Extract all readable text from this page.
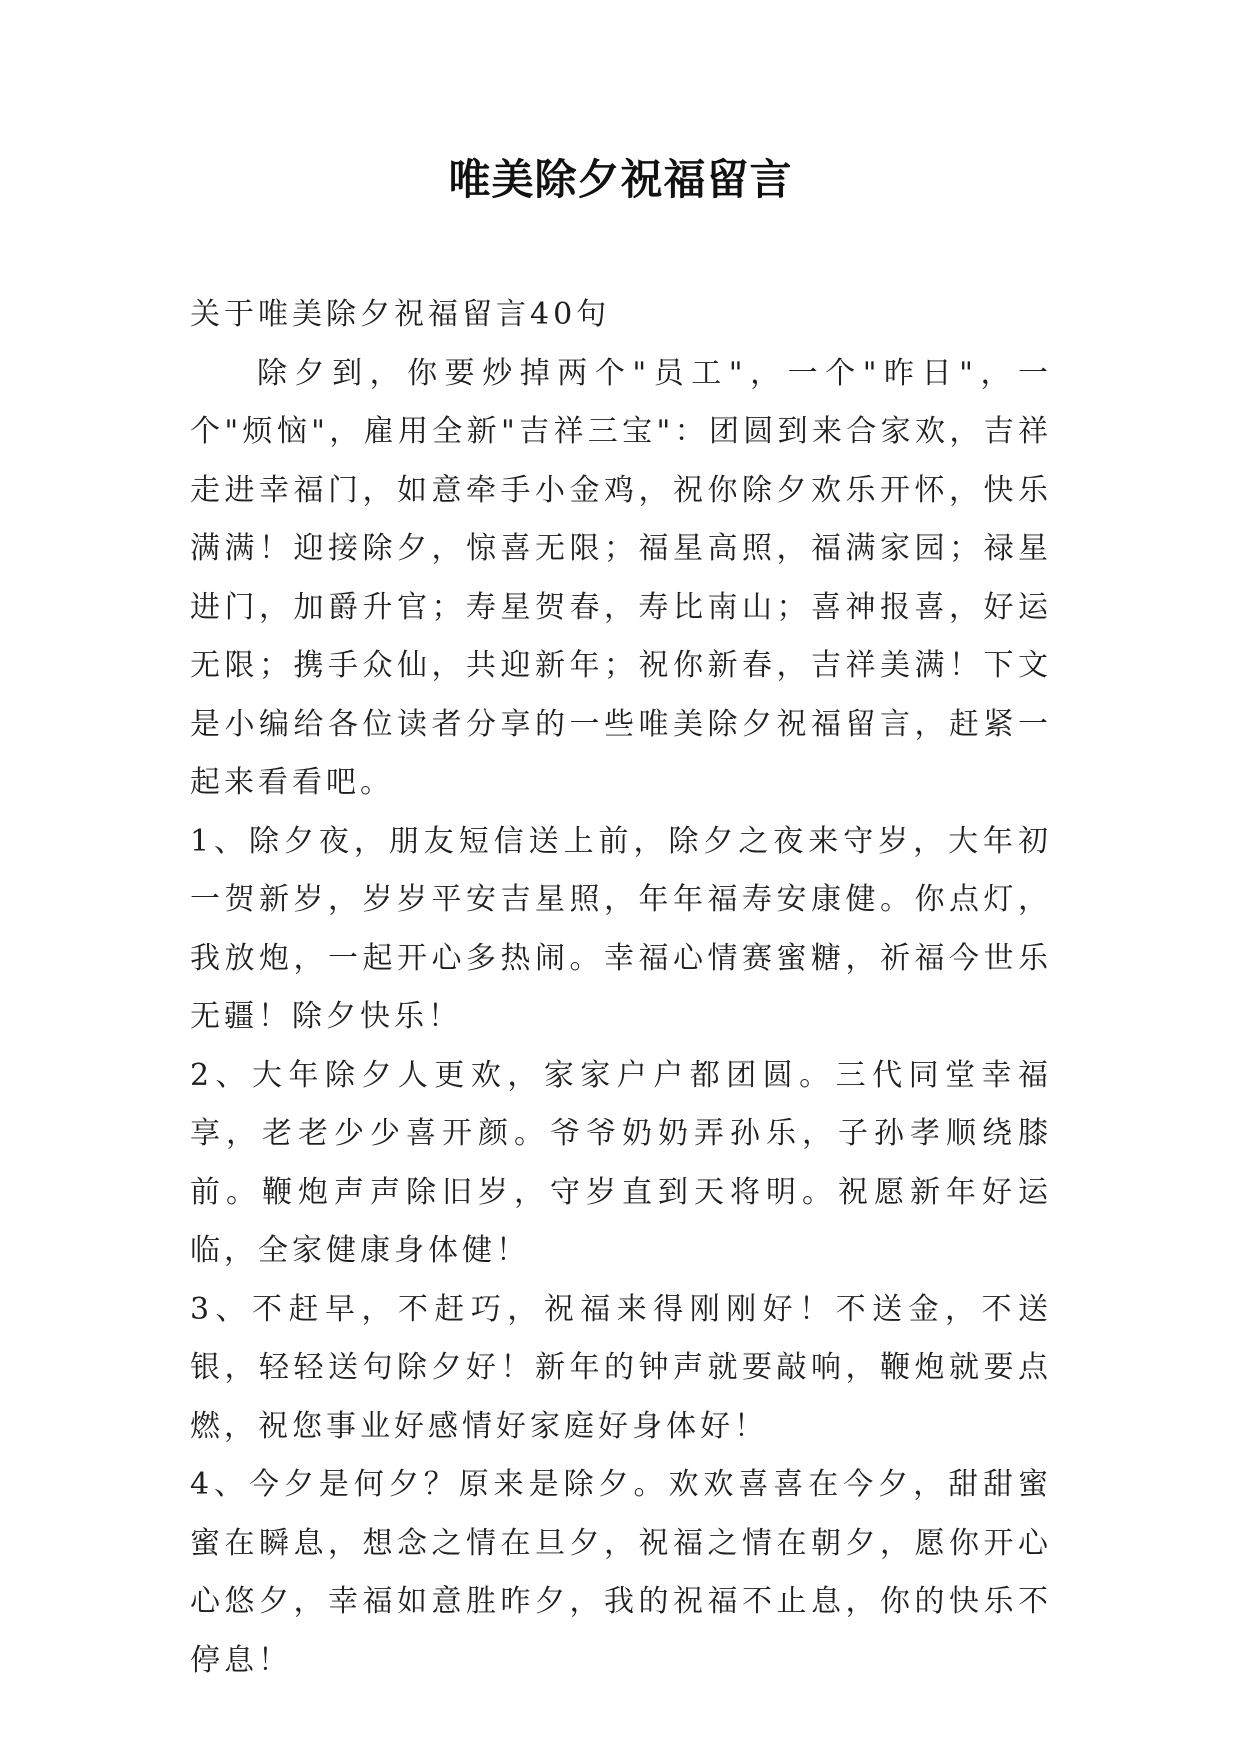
唯美除夕祝福留言

关于唯美除夕祝福留言40句

除夕到，你要炒掉两个"员工"，一个"昨日"，一个"烦恼"，雇用全新"吉祥三宝"：团圆到来合家欢，吉祥走进幸福门，如意牵手小金鸡，祝你除夕欢乐开怀，快乐满满！迎接除夕，惊喜无限；福星高照，福满家园；禄星进门，加爵升官；寿星贺春，寿比南山；喜神报喜，好运无限；携手众仙，共迎新年；祝你新春，吉祥美满！下文是小编给各位读者分享的一些唯美除夕祝福留言，赶紧一起来看看吧。

1、除夕夜，朋友短信送上前，除夕之夜来守岁，大年初一贺新岁，岁岁平安吉星照，年年福寿安康健。你点灯，我放炮，一起开心多热闹。幸福心情赛蜜糖，祈福今世乐无疆！除夕快乐！

2、大年除夕人更欢，家家户户都团圆。三代同堂幸福享，老老少少喜开颜。爷爷奶奶弄孙乐，子孙孝顺绕膝前。鞭炮声声除旧岁，守岁直到天将明。祝愿新年好运临，全家健康身体健！

3、不赶早，不赶巧，祝福来得刚刚好！不送金，不送银，轻轻送句除夕好！新年的钟声就要敲响，鞭炮就要点燃，祝您事业好感情好家庭好身体好！

4、今夕是何夕？原来是除夕。欢欢喜喜在今夕，甜甜蜜蜜在瞬息，想念之情在旦夕，祝福之情在朝夕，愿你开心心悠夕，幸福如意胜昨夕，我的祝福不止息，你的快乐不停息！
